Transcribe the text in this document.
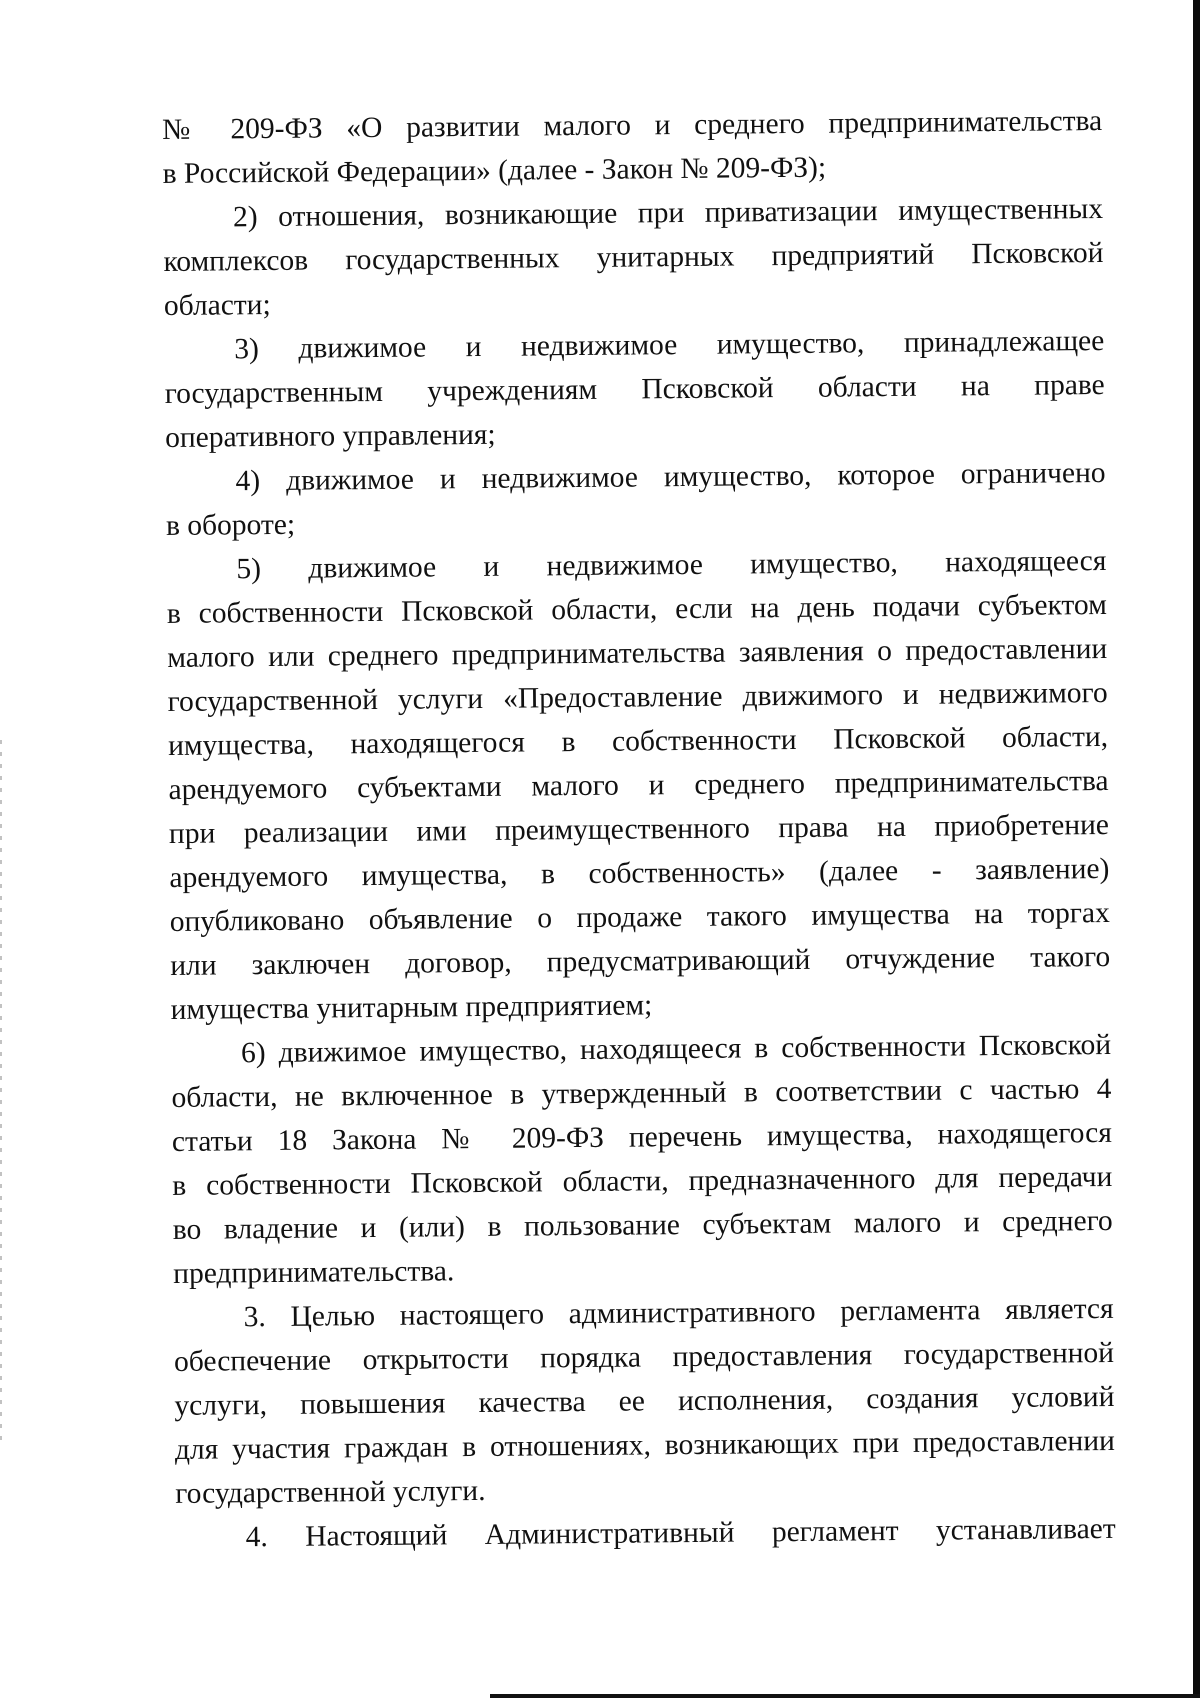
№ 209-ФЗ «О развитии малого и среднего предпринимательства
в Российской Федерации» (далее - Закон № 209-ФЗ);
2) отношения, возникающие при приватизации имущественных
комплексов государственных унитарных предприятий Псковской
области;
3) движимое и недвижимое имущество, принадлежащее
государственным учреждениям Псковской области на праве
оперативного управления;
4) движимое и недвижимое имущество, которое ограничено
в обороте;
5) движимое и недвижимое имущество, находящееся
в собственности Псковской области, если на день подачи субъектом
малого или среднего предпринимательства заявления о предоставлении
государственной услуги «Предоставление движимого и недвижимого
имущества, находящегося в собственности Псковской области,
арендуемого субъектами малого и среднего предпринимательства
при реализации ими преимущественного права на приобретение
арендуемого имущества, в собственность» (далее - заявление)
опубликовано объявление о продаже такого имущества на торгах
или заключен договор, предусматривающий отчуждение такого
имущества унитарным предприятием;
6) движимое имущество, находящееся в собственности Псковской
области, не включенное в утвержденный в соответствии с частью 4
статьи 18 Закона № 209-ФЗ перечень имущества, находящегося
в собственности Псковской области, предназначенного для передачи
во владение и (или) в пользование субъектам малого и среднего
предпринимательства.
3. Целью настоящего административного регламента является
обеспечение открытости порядка предоставления государственной
услуги, повышения качества ее исполнения, создания условий
для участия граждан в отношениях, возникающих при предоставлении
государственной услуги.
4. Настоящий Административный регламент устанавливает
